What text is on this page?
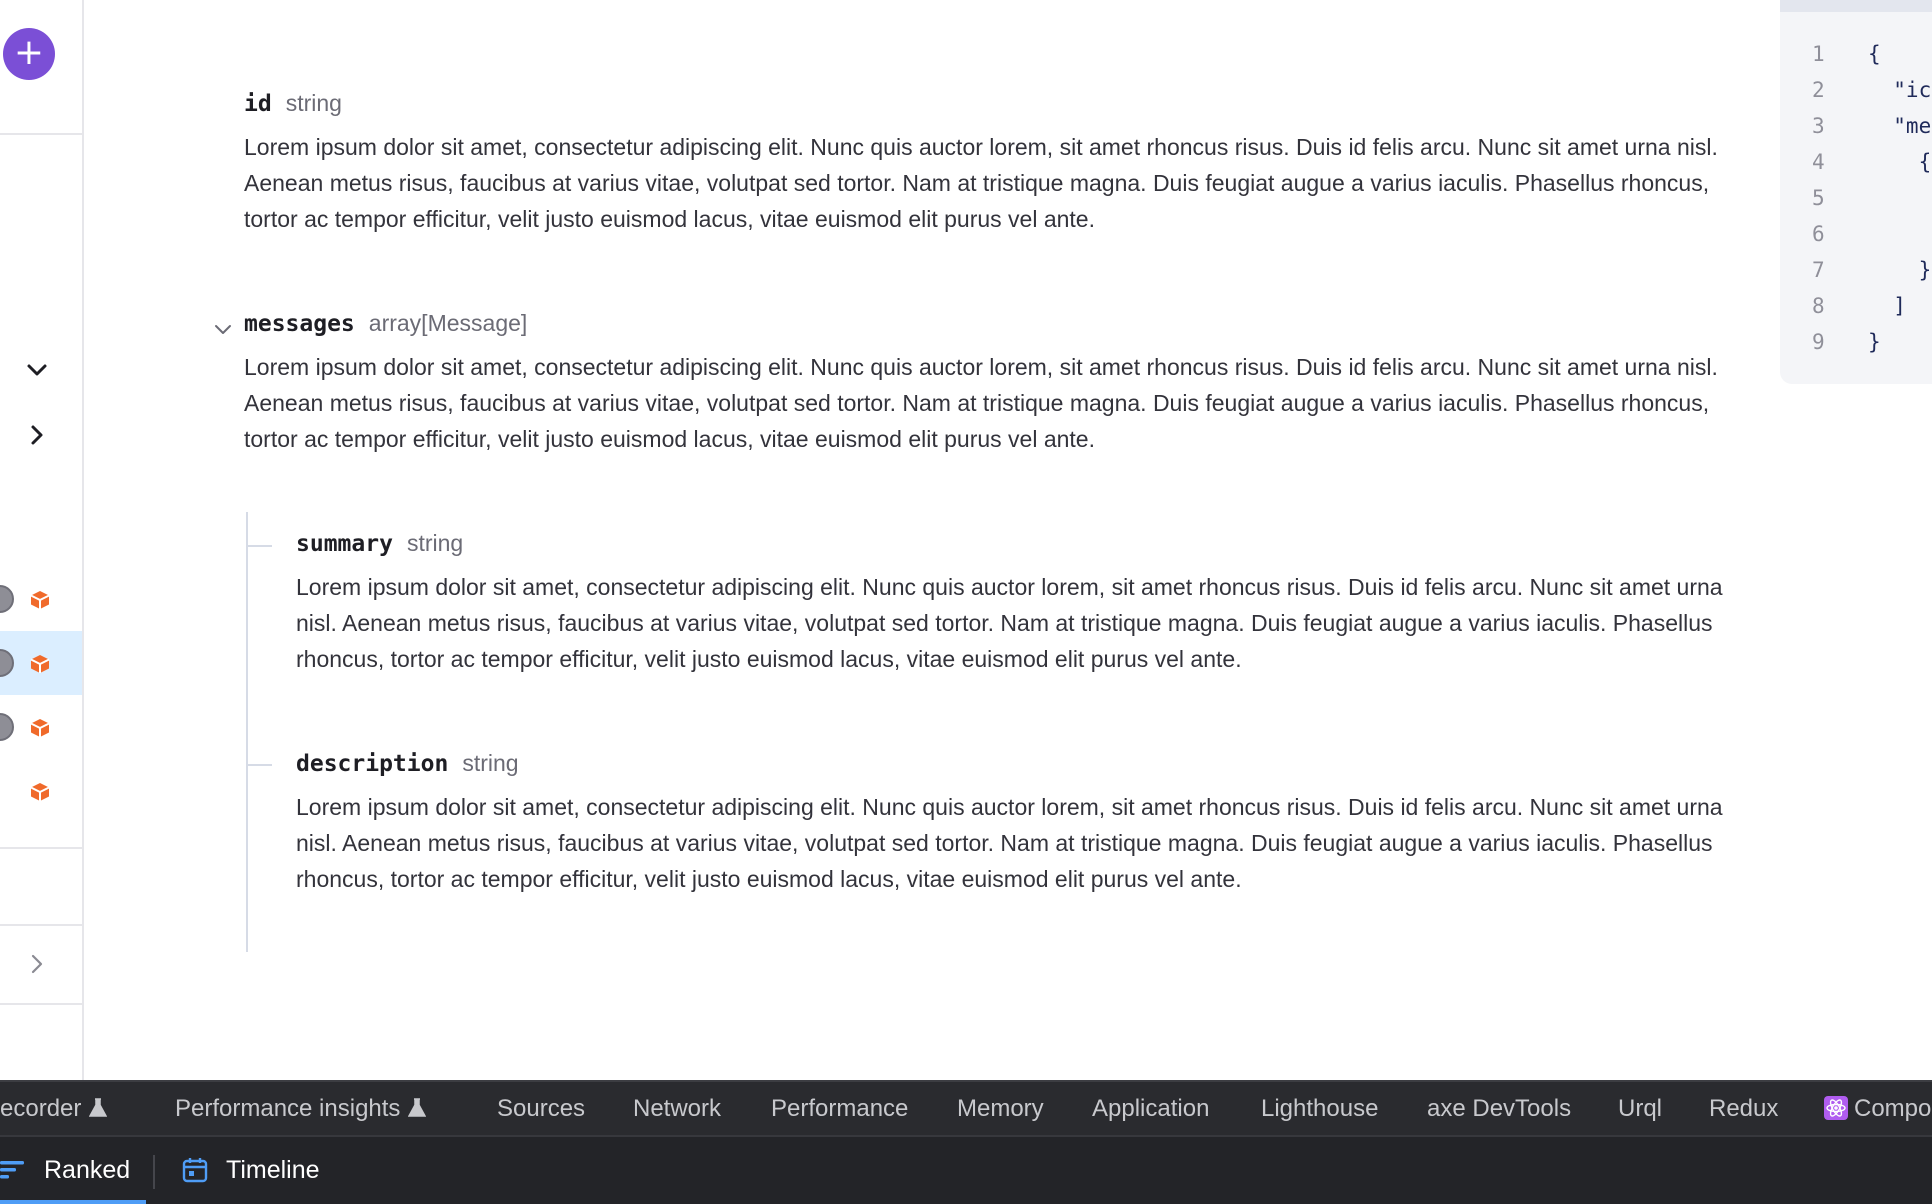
+
id string
Lorem ipsum dolor sit amet, consectetur adipiscing elit. Nunc quis auctor lorem, sit amet rhoncus risus. Duis id felis arcu. Nunc sit amet urna nisl. Aenean metus risus, faucibus at varius vitae, volutpat sed tortor. Nam at tristique magna. Duis feugiat augue a varius iaculis. Phasellus rhoncus, tortor ac tempor efficitur, velit justo euismod lacus, vitae euismod elit purus vel ante.
messages array[Message]
Lorem ipsum dolor sit amet, consectetur adipiscing elit. Nunc quis auctor lorem, sit amet rhoncus risus. Duis id felis arcu. Nunc sit amet urna nisl. Aenean metus risus, faucibus at varius vitae, volutpat sed tortor. Nam at tristique magna. Duis feugiat augue a varius iaculis. Phasellus rhoncus, tortor ac tempor efficitur, velit justo euismod lacus, vitae euismod elit purus vel ante.
summary string
Lorem ipsum dolor sit amet, consectetur adipiscing elit. Nunc quis auctor lorem, sit amet rhoncus risus. Duis id felis arcu. Nunc sit amet urna nisl. Aenean metus risus, faucibus at varius vitae, volutpat sed tortor. Nam at tristique magna. Duis feugiat augue a varius iaculis. Phasellus rhoncus, tortor ac tempor efficitur, velit justo euismod lacus, vitae euismod elit purus vel ante.
description string
Lorem ipsum dolor sit amet, consectetur adipiscing elit. Nunc quis auctor lorem, sit amet rhoncus risus. Duis id felis arcu. Nunc sit amet urna nisl. Aenean metus risus, faucibus at varius vitae, volutpat sed tortor. Nam at tristique magna. Duis feugiat augue a varius iaculis. Phasellus rhoncus, tortor ac tempor efficitur, velit justo euismod lacus, vitae euismod elit purus vel ante.
1	{
2	"ic
3	"me
4	{
5
6
7	}
8	]
9	}
ecorder	Performance insights	Sources Network Performance Memory Application Lighthouse axe DevTools Urql Redux	Compo
Ranked	Timeline
